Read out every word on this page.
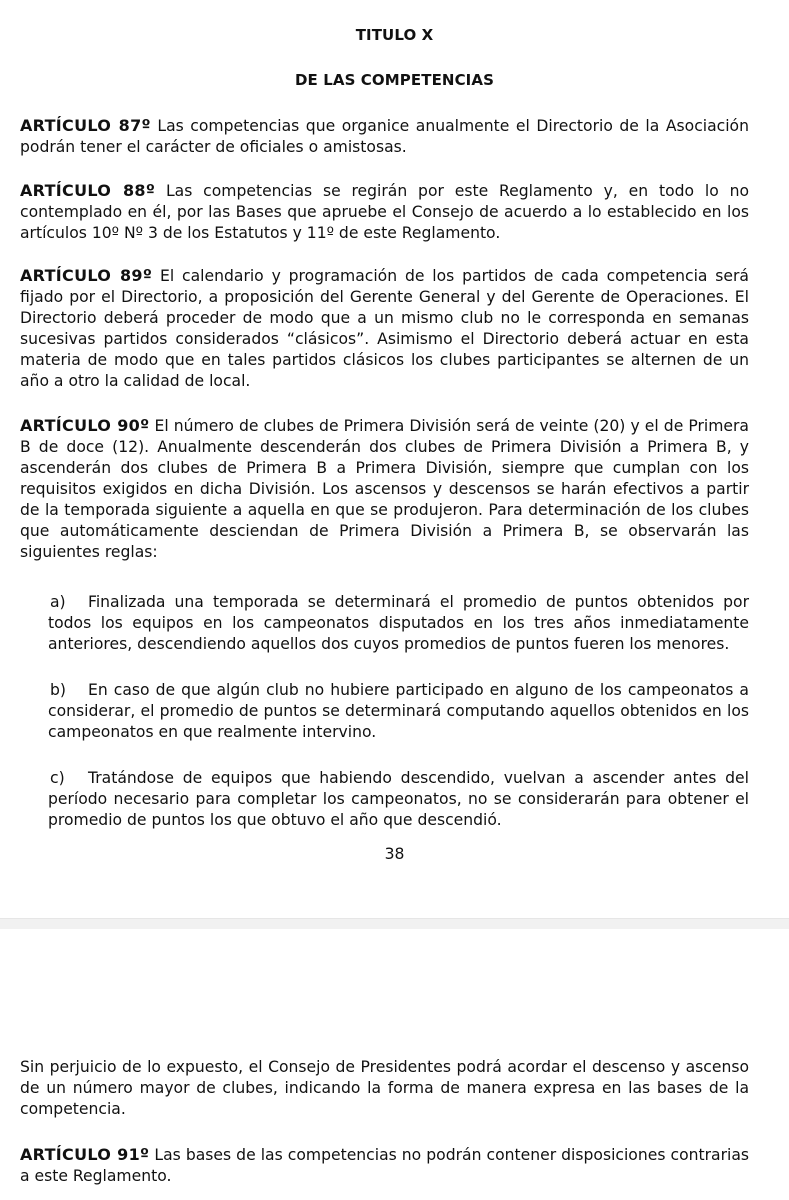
TITULO X
DE LAS COMPETENCIAS

ARTÍCULO 87º Las competencias que organice anualmente el Directorio de la Asociación podrán tener el carácter de oficiales o amistosas.

ARTÍCULO 88º Las competencias se regirán por este Reglamento y, en todo lo no contemplado en él, por las Bases que apruebe el Consejo de acuerdo a lo establecido en los artículos 10º Nº 3 de los Estatutos y 11º de este Reglamento.

ARTÍCULO 89º El calendario y programación de los partidos de cada competencia será fijado por el Directorio, a proposición del Gerente General y del Gerente de Operaciones. El Directorio deberá proceder de modo que a un mismo club no le corresponda en semanas sucesivas partidos considerados “clásicos”. Asimismo el Directorio deberá actuar en esta materia de modo que en tales partidos clásicos los clubes participantes se alternen de un año a otro la calidad de local.

ARTÍCULO 90º El número de clubes de Primera División será de veinte (20) y el de Primera B de doce (12). Anualmente descenderán dos clubes de Primera División a Primera B, y ascenderán dos clubes de Primera B a Primera División, siempre que cumplan con los requisitos exigidos en dicha División. Los ascensos y descensos se harán efectivos a partir de la temporada siguiente a aquella en que se produjeron. Para determinación de los clubes que automáticamente desciendan de Primera División a Primera B, se observarán las siguientes reglas:

a) Finalizada una temporada se determinará el promedio de puntos obtenidos por todos los equipos en los campeonatos disputados en los tres años inmediatamente anteriores, descendiendo aquellos dos cuyos promedios de puntos fueren los menores.

b) En caso de que algún club no hubiere participado en alguno de los campeonatos a considerar, el promedio de puntos se determinará computando aquellos obtenidos en los campeonatos en que realmente intervino.

c) Tratándose de equipos que habiendo descendido, vuelvan a ascender antes del período necesario para completar los campeonatos, no se considerarán para obtener el promedio de puntos los que obtuvo el año que descendió.

38

Sin perjuicio de lo expuesto, el Consejo de Presidentes podrá acordar el descenso y ascenso de un número mayor de clubes, indicando la forma de manera expresa en las bases de la competencia.

ARTÍCULO 91º Las bases de las competencias no podrán contener disposiciones contrarias a este Reglamento.
